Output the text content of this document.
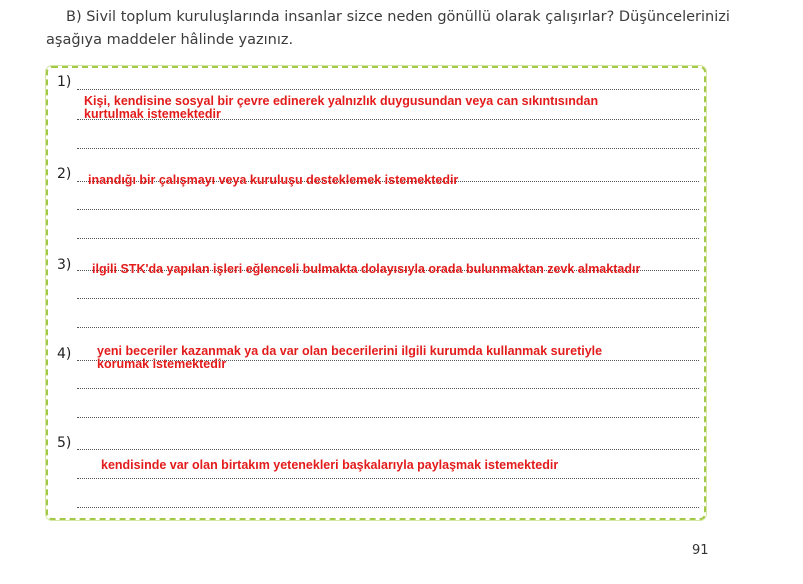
B) Sivil toplum kuruluşlarında insanlar sizce neden gönüllü olarak çalışırlar? Düşüncelerinizi aşağıya maddeler hâlinde yazınız.
1)
Kişi, kendisine sosyal bir çevre edinerek yalnızlık duygusundan veya can sıkıntısından kurtulmak istemektedir
2) inandığı bir çalışmayı veya kuruluşu desteklemek istemektedir
3) ilgili STK'da yapılan işleri eğlenceli bulmakta dolayısıyla orada bulunmaktan zevk almaktadır
4) yeni beceriler kazanmak ya da var olan becerilerini ilgili kurumda kullanmak suretiyle korumak istemektedir
5)
kendisinde var olan birtakım yetenekleri başkalarıyla paylaşmak istemektedir
91
